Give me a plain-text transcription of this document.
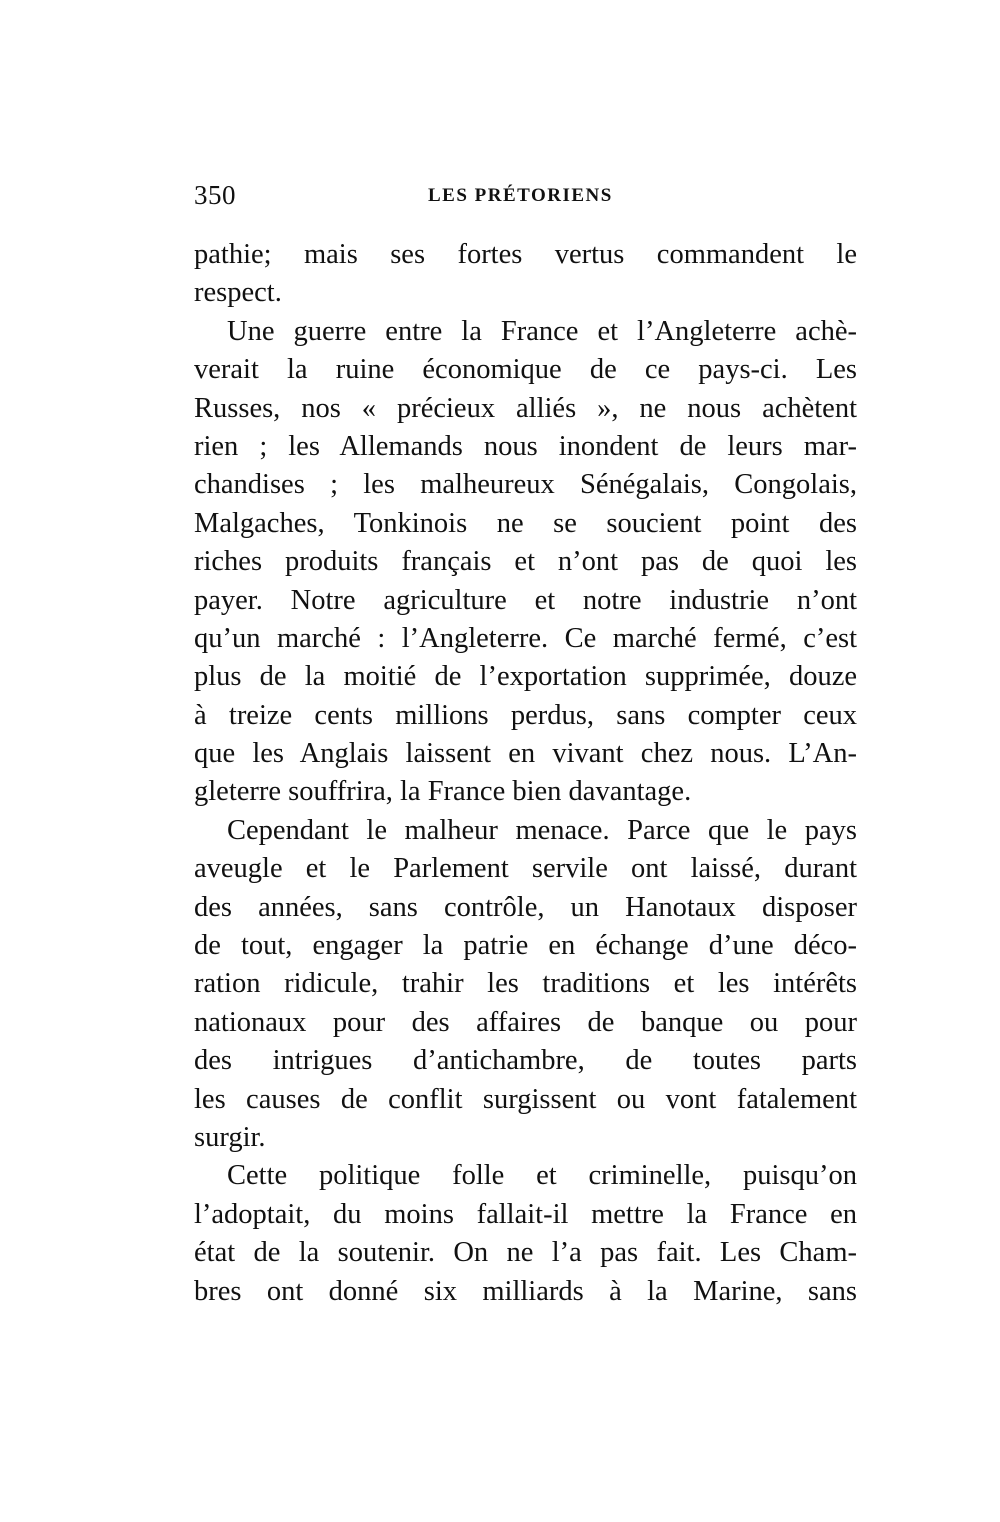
350	LES PRÉTORIENS
pathie; mais ses fortes vertus commandent le
respect.
Une guerre entre la France et l’Angleterre achè-
verait la ruine économique de ce pays-ci. Les
Russes, nos « précieux alliés », ne nous achètent
rien ; les Allemands nous inondent de leurs mar-
chandises ; les malheureux Sénégalais, Congolais,
Malgaches, Tonkinois ne se soucient point des
riches produits français et n’ont pas de quoi les
payer. Notre agriculture et notre industrie n’ont
qu’un marché : l’Angleterre. Ce marché fermé, c’est
plus de la moitié de l’exportation supprimée, douze
à treize cents millions perdus, sans compter ceux
que les Anglais laissent en vivant chez nous. L’An-
gleterre souffrira, la France bien davantage.
Cependant le malheur menace. Parce que le pays
aveugle et le Parlement servile ont laissé, durant
des années, sans contrôle, un Hanotaux disposer
de tout, engager la patrie en échange d’une déco-
ration ridicule, trahir les traditions et les intérêts
nationaux pour des affaires de banque ou pour
des intrigues d’antichambre, de toutes parts
les causes de conflit surgissent ou vont fatalement
surgir.
Cette politique folle et criminelle, puisqu’on
l’adoptait, du moins fallait-il mettre la France en
état de la soutenir. On ne l’a pas fait. Les Cham-
bres ont donné six milliards à la Marine, sans
